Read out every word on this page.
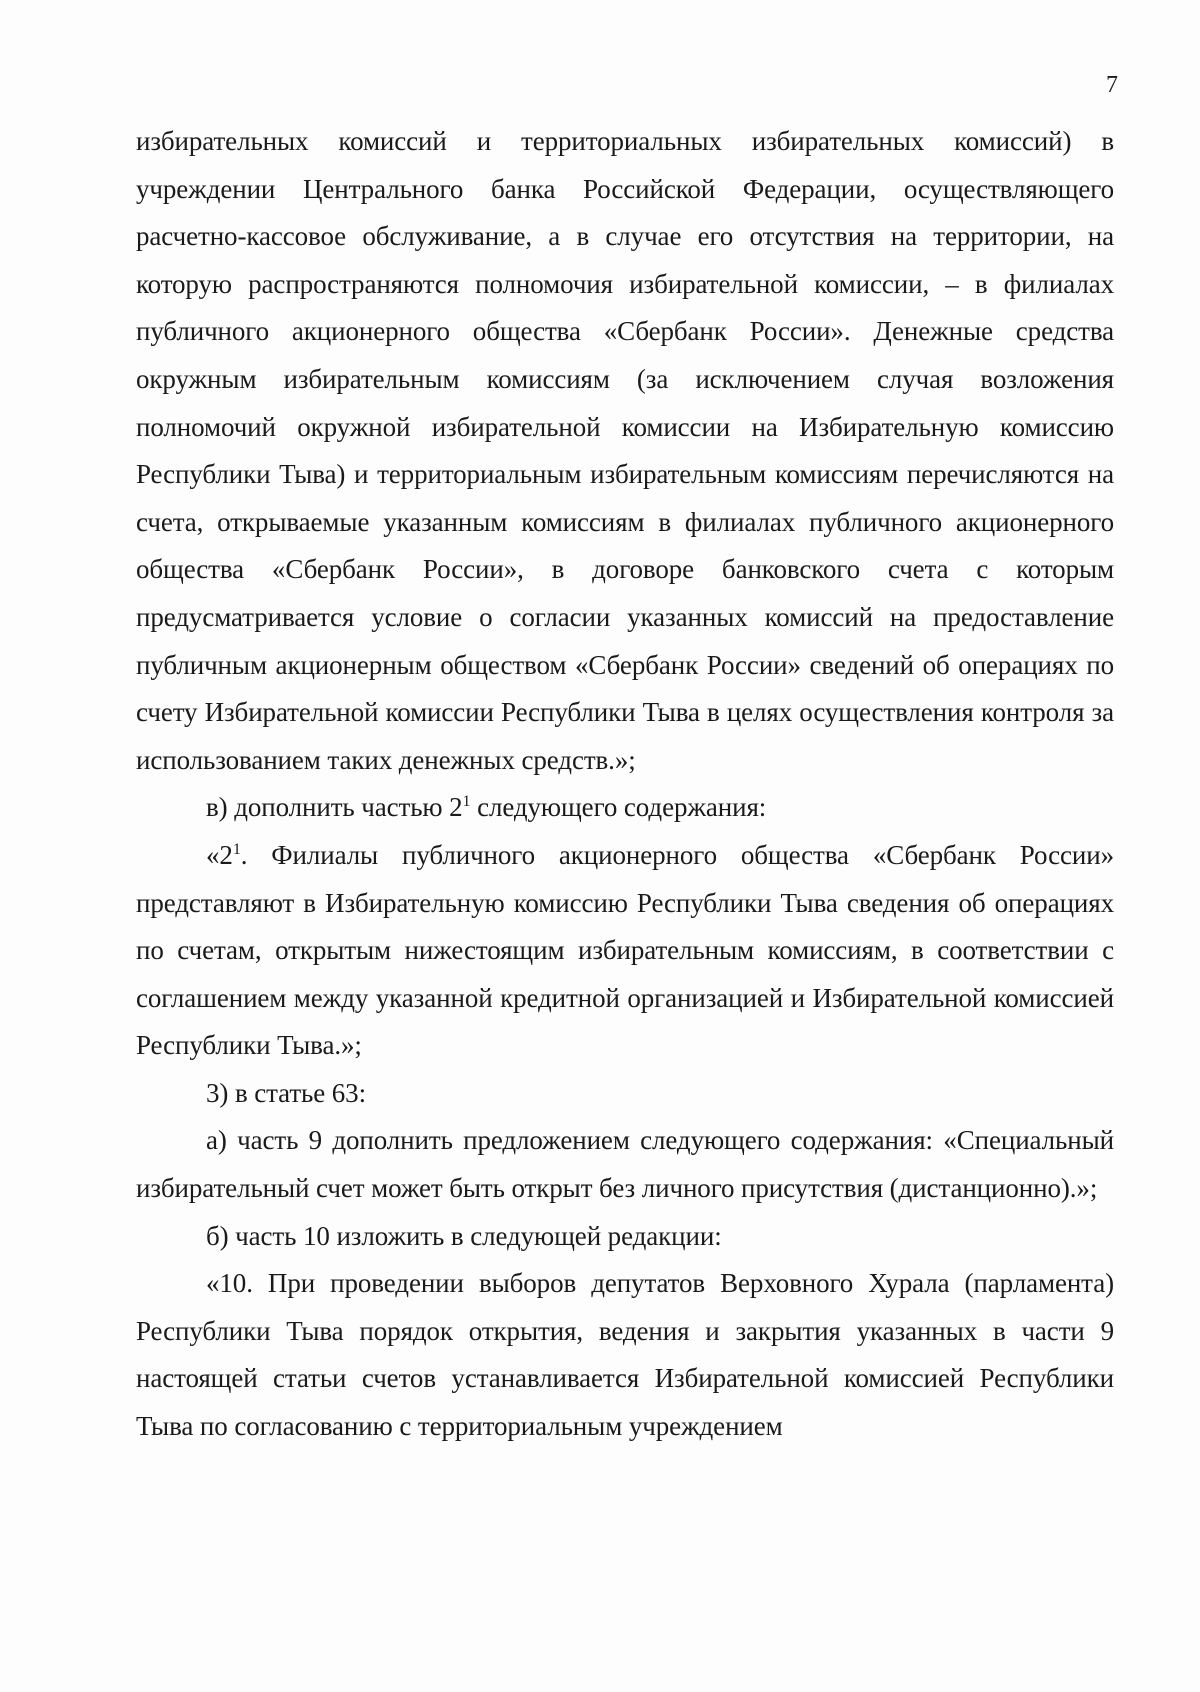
7

избирательных комиссий и территориальных избирательных комиссий) в учреждении Центрального банка Российской Федерации, осуществляющего расчетно-кассовое обслуживание, а в случае его отсутствия на территории, на которую распространяются полномочия избирательной комиссии, – в филиалах публичного акционерного общества «Сбербанк России». Денежные средства окружным избирательным комиссиям (за исключением случая возложения полномочий окружной избирательной комиссии на Избирательную комиссию Республики Тыва) и территориальным избирательным комиссиям перечисляются на счета, открываемые указанным комиссиям в филиалах публичного акционерного общества «Сбербанк России», в договоре банковского счета с которым предусматривается условие о согласии указанных комиссий на предоставление публичным акционерным обществом «Сбербанк России» сведений об операциях по счету Избирательной комиссии Республики Тыва в целях осуществления контроля за использованием таких денежных средств.»;

в) дополнить частью $2^1$ следующего содержания:

«$2^1$. Филиалы публичного акционерного общества «Сбербанк России» представляют в Избирательную комиссию Республики Тыва сведения об операциях по счетам, открытым нижестоящим избирательным комиссиям, в соответствии с соглашением между указанной кредитной организацией и Избирательной комиссией Республики Тыва.»;

3) в статье 63:

а) часть 9 дополнить предложением следующего содержания: «Специальный избирательный счет может быть открыт без личного присутствия (дистанционно).»;

б) часть 10 изложить в следующей редакции:

«10. При проведении выборов депутатов Верховного Хурала (парламента) Республики Тыва порядок открытия, ведения и закрытия указанных в части 9 настоящей статьи счетов устанавливается Избирательной комиссией Республики Тыва по согласованию с территориальным учреждением
